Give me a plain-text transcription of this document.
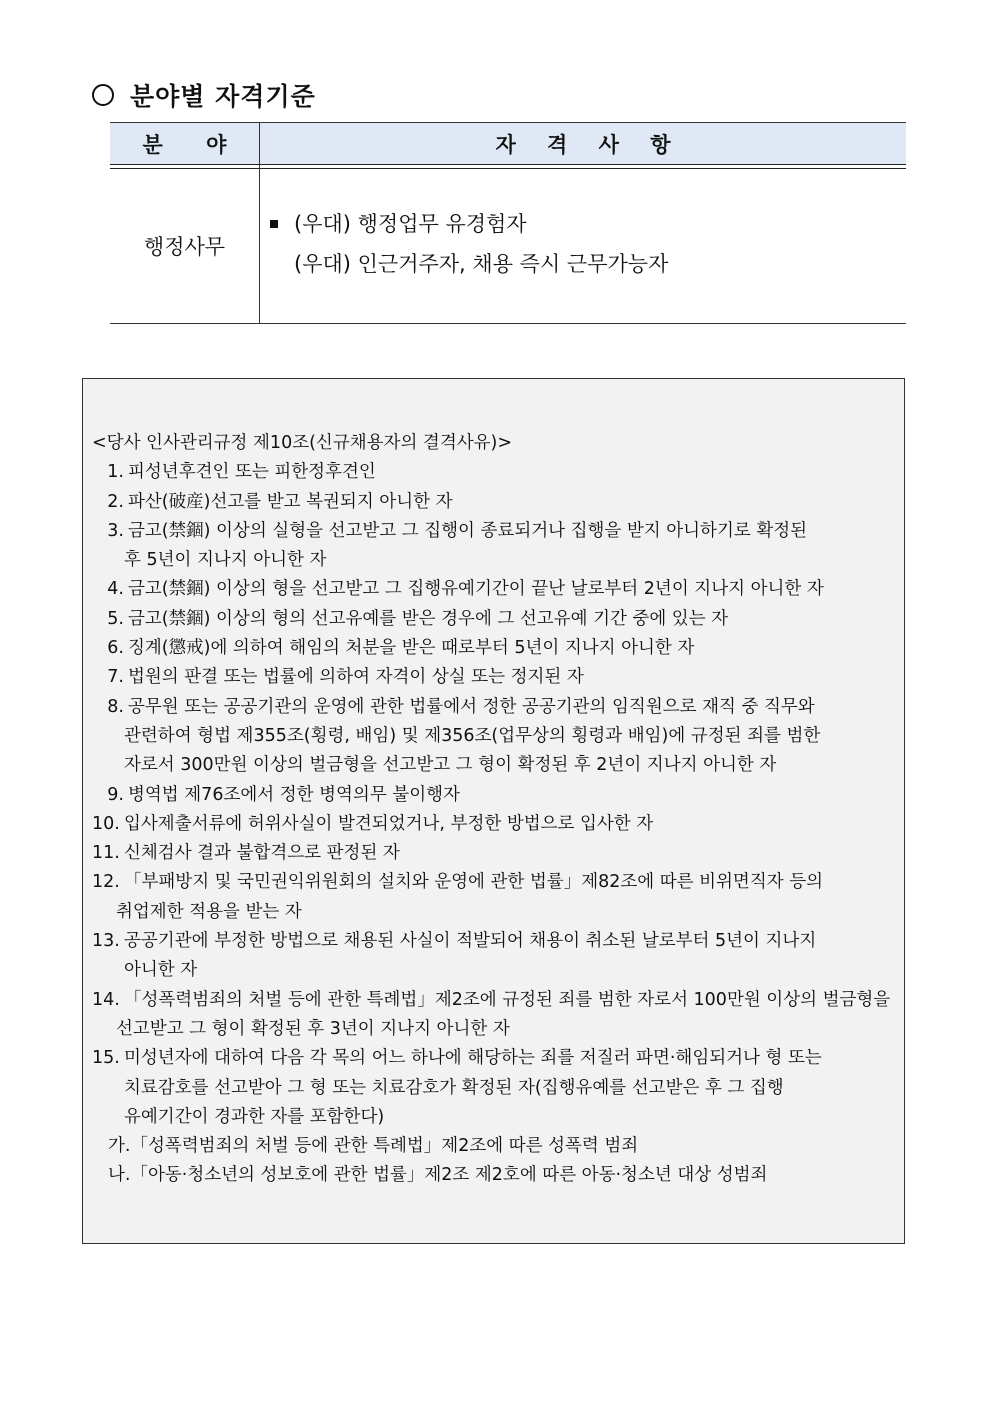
분야별 자격기준
분 야	자 격 사 항
행정사무
(우대) 행정업무 유경험자
(우대) 인근거주자, 채용 즉시 근무가능자
<당사 인사관리규정 제10조(신규채용자의 결격사유)>
1. 피성년후견인 또는 피한정후견인
2. 파산(破産)선고를 받고 복권되지 아니한 자
3. 금고(禁錮) 이상의 실형을 선고받고 그 집행이 종료되거나 집행을 받지 아니하기로 확정된
후 5년이 지나지 아니한 자
4. 금고(禁錮) 이상의 형을 선고받고 그 집행유예기간이 끝난 날로부터 2년이 지나지 아니한 자
5. 금고(禁錮) 이상의 형의 선고유예를 받은 경우에 그 선고유예 기간 중에 있는 자
6. 징계(懲戒)에 의하여 해임의 처분을 받은 때로부터 5년이 지나지 아니한 자
7. 법원의 판결 또는 법률에 의하여 자격이 상실 또는 정지된 자
8. 공무원 또는 공공기관의 운영에 관한 법률에서 정한 공공기관의 임직원으로 재직 중 직무와
관련하여 형법 제355조(횡령, 배임) 및 제356조(업무상의 횡령과 배임)에 규정된 죄를 범한
자로서 300만원 이상의 벌금형을 선고받고 그 형이 확정된 후 2년이 지나지 아니한 자
9. 병역법 제76조에서 정한 병역의무 불이행자
10. 입사제출서류에 허위사실이 발견되었거나, 부정한 방법으로 입사한 자
11. 신체검사 결과 불합격으로 판정된 자
12. 「부패방지 및 국민권익위원회의 설치와 운영에 관한 법률」제82조에 따른 비위면직자 등의
취업제한 적용을 받는 자
13. 공공기관에 부정한 방법으로 채용된 사실이 적발되어 채용이 취소된 날로부터 5년이 지나지
아니한 자
14. 「성폭력범죄의 처벌 등에 관한 특례법」제2조에 규정된 죄를 범한 자로서 100만원 이상의 벌금형을
선고받고 그 형이 확정된 후 3년이 지나지 아니한 자
15. 미성년자에 대하여 다음 각 목의 어느 하나에 해당하는 죄를 저질러 파면·해임되거나 형 또는
치료감호를 선고받아 그 형 또는 치료감호가 확정된 자(집행유예를 선고받은 후 그 집행
유예기간이 경과한 자를 포함한다)
가.「성폭력범죄의 처벌 등에 관한 특례법」제2조에 따른 성폭력 범죄
나.「아동·청소년의 성보호에 관한 법률」제2조 제2호에 따른 아동·청소년 대상 성범죄
